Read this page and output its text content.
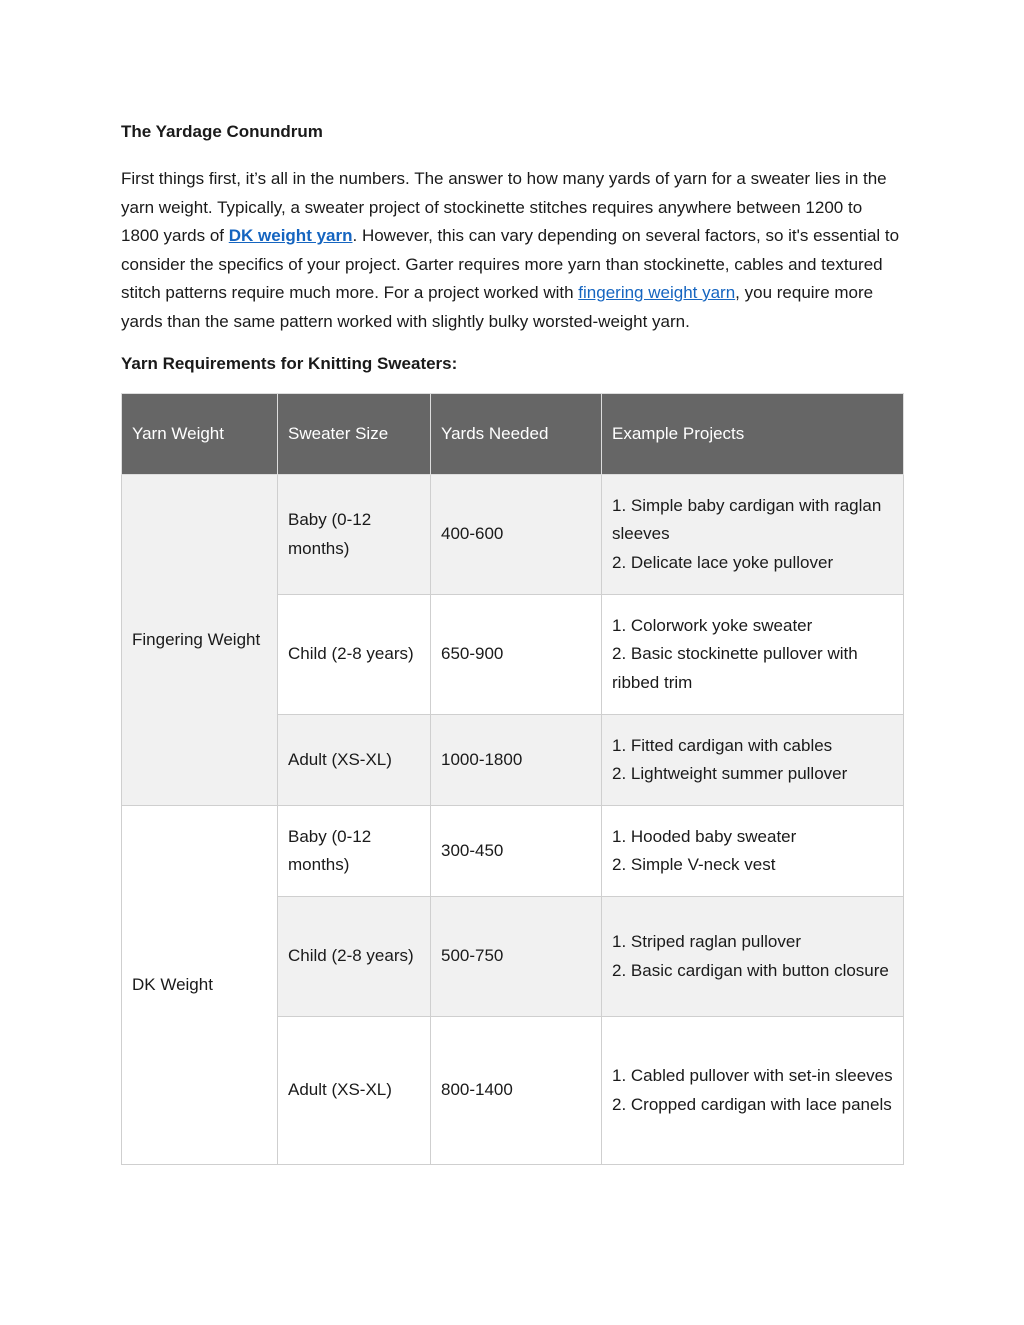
The Yardage Conundrum

First things first, it’s all in the numbers. The answer to how many yards of yarn for a sweater lies in the yarn weight. Typically, a sweater project of stockinette stitches requires anywhere between 1200 to 1800 yards of DK weight yarn. However, this can vary depending on several factors, so it's essential to consider the specifics of your project. Garter requires more yarn than stockinette, cables and textured stitch patterns require much more. For a project worked with fingering weight yarn, you require more yards than the same pattern worked with slightly bulky worsted-weight yarn.

Yarn Requirements for Knitting Sweaters:
Yarn Weight	Sweater Size	Yards Needed	Example Projects
Fingering Weight	Baby (0-12 months)	400-600	1. Simple baby cardigan with raglan sleeves
2. Delicate lace yoke pullover

	Child (2-8 years)	650-900	1. Colorwork yoke sweater
2. Basic stockinette pullover with ribbed trim

	Adult (XS-XL)	1000-1800	1. Fitted cardigan with cables
2. Lightweight summer pullover

DK Weight	Baby (0-12 months)	300-450	1. Hooded baby sweater
2. Simple V-neck vest

	Child (2-8 years)	500-750	1. Striped raglan pullover
2. Basic cardigan with button closure

	Adult (XS-XL)	800-1400	1. Cabled pullover with set-in sleeves
2. Cropped cardigan with lace panels
